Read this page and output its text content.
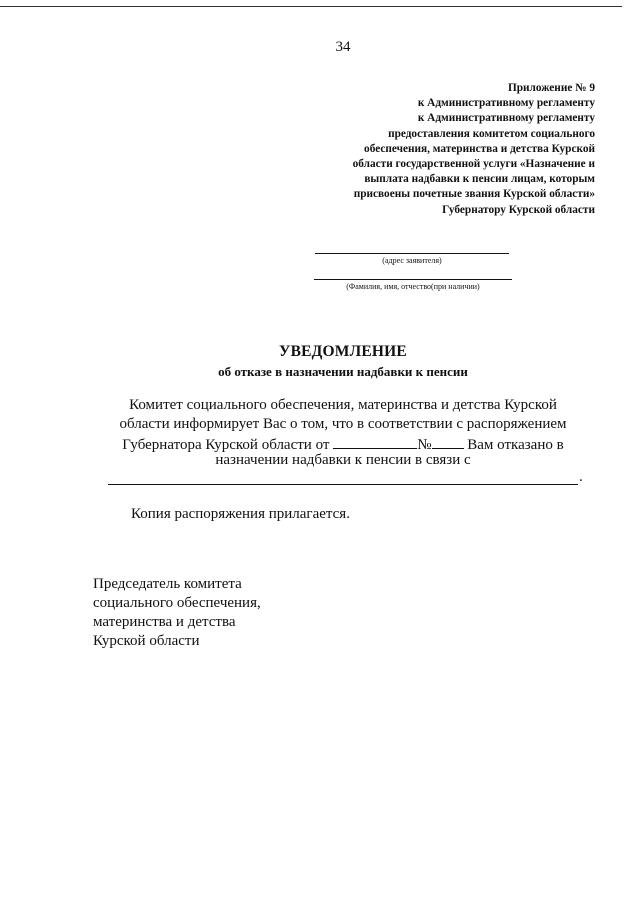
34
Приложение № 9
к Административному регламенту
к Административному регламенту
предоставления комитетом социального
обеспечения, материнства и детства Курской
области государственной услуги «Назначение и
выплата надбавки к пенсии лицам, которым
присвоены почетные звания Курской области»
Губернатору Курской области
(адрес заявителя)
(Фамилия, имя, отчество(при наличии)
УВЕДОМЛЕНИЕ
об отказе в назначении надбавки к пенсии
Комитет социального обеспечения, материнства и детства Курской
области информирует Вас о том, что в соответствии с распоряжением
Губернатора Курской области от	№ Вам отказано в
назначении надбавки к пенсии в связи с
.
Копия распоряжения прилагается.
Председатель комитета
социального обеспечения,
материнства и детства
Курской области
